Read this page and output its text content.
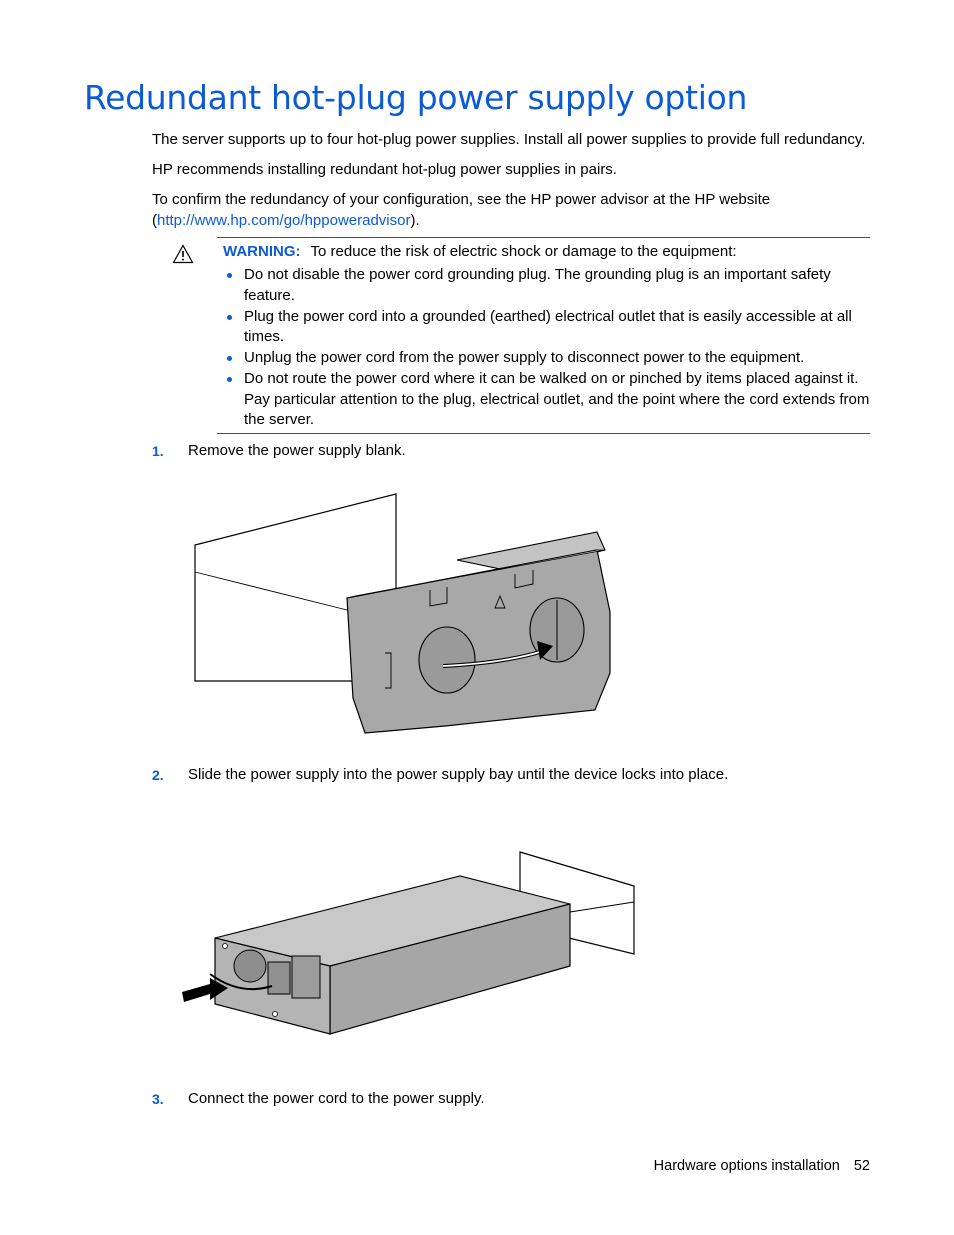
Redundant hot-plug power supply option

The server supports up to four hot-plug power supplies. Install all power supplies to provide full redundancy.

HP recommends installing redundant hot-plug power supplies in pairs.

To confirm the redundancy of your configuration, see the HP power advisor at the HP website
(http://www.hp.com/go/hppoweradvisor).

WARNING: To reduce the risk of electric shock or damage to the equipment:
Do not disable the power cord grounding plug. The grounding plug is an important safety feature.
Plug the power cord into a grounded (earthed) electrical outlet that is easily accessible at all times.
Unplug the power cord from the power supply to disconnect power to the equipment.
Do not route the power cord where it can be walked on or pinched by items placed against it. Pay particular attention to the plug, electrical outlet, and the point where the cord extends from the server.
1. Remove the power supply blank.
2. Slide the power supply into the power supply bay until the device locks into place.
3. Connect the power cord to the power supply.
Hardware options installation 52
